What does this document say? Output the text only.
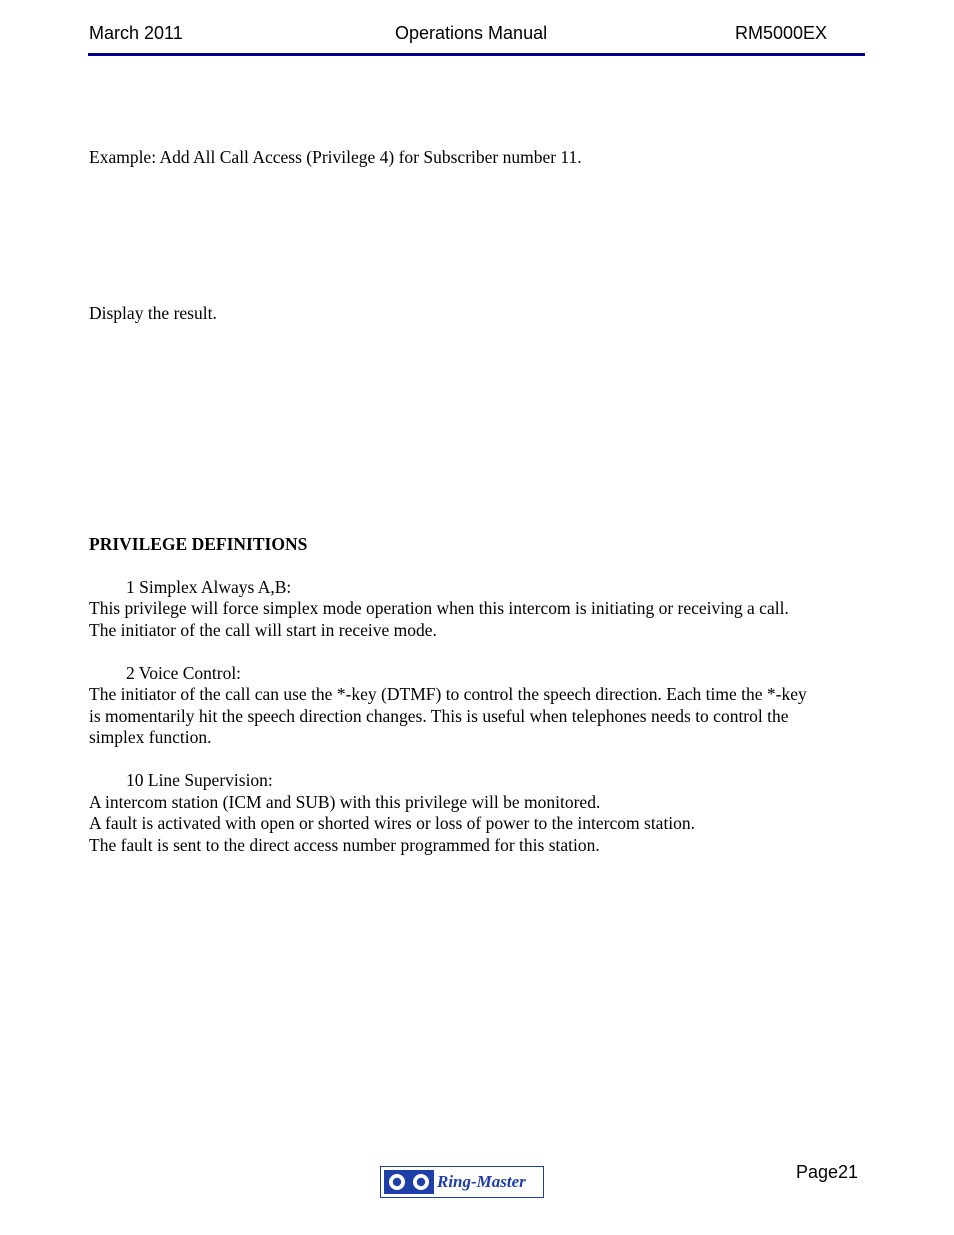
March 2011	Operations Manual	RM5000EX
Example: Add All Call Access (Privilege 4) for Subscriber number 11.
Display the result.
PRIVILEGE DEFINITIONS
1 Simplex Always A,B:
This privilege will force simplex mode operation when this intercom is initiating or receiving a call.
The initiator of the call will start in receive mode.
2 Voice Control:
The initiator of the call can use the *-key (DTMF) to control the speech direction. Each time the *-key
is momentarily hit the speech direction changes. This is useful when telephones needs to control the
simplex function.
10 Line Supervision:
A intercom station (ICM and SUB) with this privilege will be monitored.
A fault is activated with open or shorted wires or loss of power to the intercom station.
The fault is sent to the direct access number programmed for this station.
Ring-Master	Page21
